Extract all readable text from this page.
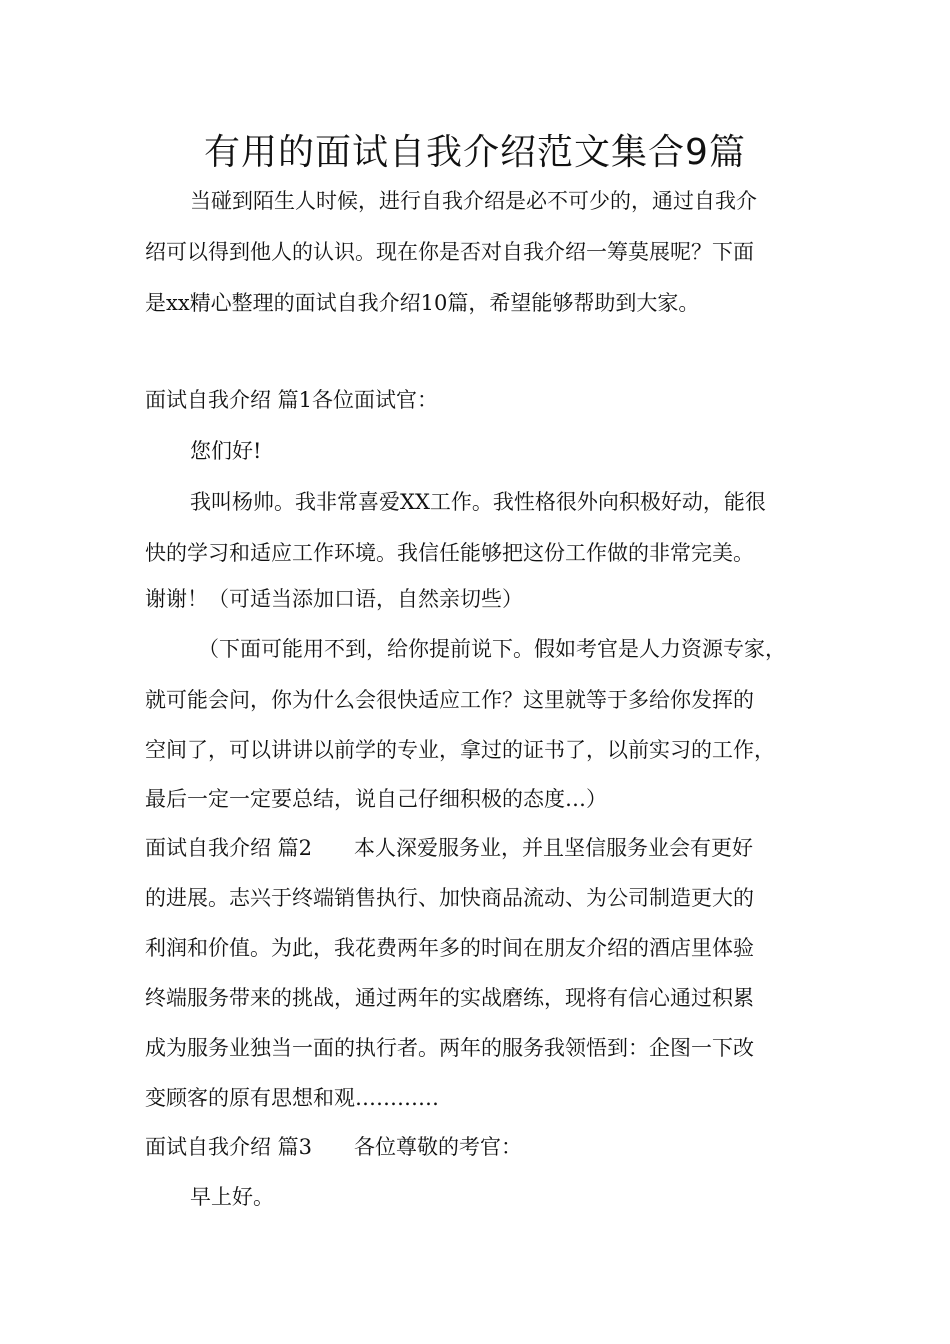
有用的面试自我介绍范文集合9篇

当碰到陌生人时候，进行自我介绍是必不可少的，通过自我介

绍可以得到他人的认识。现在你是否对自我介绍一筹莫展呢？下面

是xx精心整理的面试自我介绍10篇，希望能够帮助到大家。

面试自我介绍 篇1各位面试官：

您们好!

我叫杨帅。我非常喜爱XX工作。我性格很外向积极好动，能很

快的学习和适应工作环境。我信任能够把这份工作做的非常完美。

谢谢！（可适当添加口语，自然亲切些）

（下面可能用不到，给你提前说下。假如考官是人力资源专家，

就可能会问，你为什么会很快适应工作？这里就等于多给你发挥的

空间了，可以讲讲以前学的专业，拿过的证书了，以前实习的工作，

最后一定一定要总结，说自己仔细积极的态度…）

面试自我介绍 篇2　　本人深爱服务业，并且坚信服务业会有更好

的进展。志兴于终端销售执行、加快商品流动、为公司制造更大的

利润和价值。为此，我花费两年多的时间在朋友介绍的酒店里体验

终端服务带来的挑战，通过两年的实战磨练，现将有信心通过积累

成为服务业独当一面的执行者。两年的服务我领悟到：企图一下改

变顾客的原有思想和观…………

面试自我介绍 篇3　　各位尊敬的考官：

早上好。
